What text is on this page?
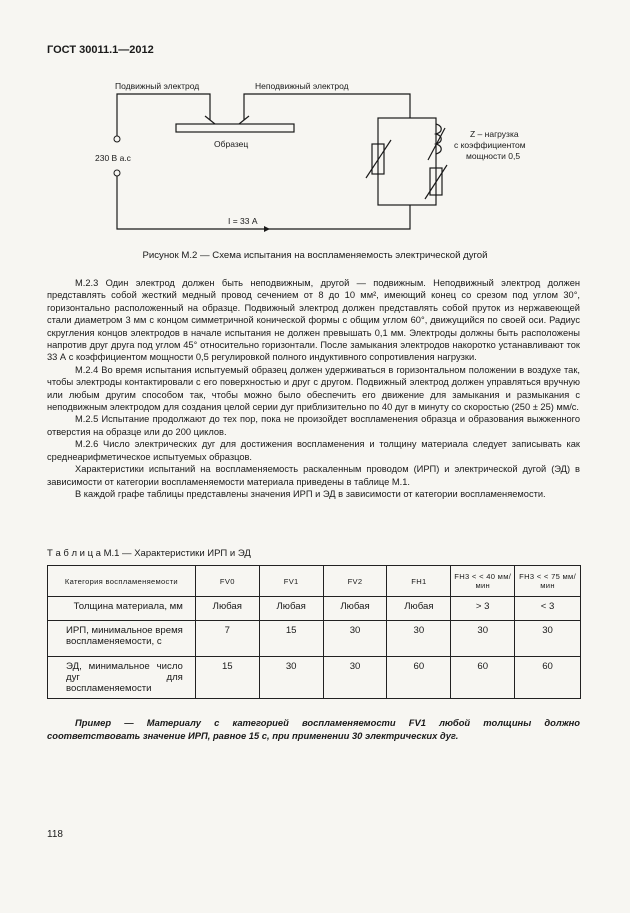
ГОСТ 30011.1—2012
Подвижный электрод	Неподвижный электрод
Образец
230 В а.с
I = 33 А
Z – нагрузка
с коэффициентом
мощности 0,5
Рисунок М.2 — Схема испытания на воспламеняемость электрической дугой

М.2.3 Один электрод должен быть неподвижным, другой — подвижным. Неподвижный электрод должен представлять собой жесткий медный провод сечением от 8 до 10 мм², имеющий конец со срезом под углом 30°, горизонтально расположенный на образце. Подвижный электрод должен представлять собой пруток из нержавеющей стали диаметром 3 мм с концом симметричной конической формы с общим углом 60°, движущийся по своей оси. Радиус скругления концов электродов в начале испытания не должен превышать 0,1 мм. Электроды должны быть расположены напротив друг друга под углом 45° относительно горизонтали. После замыкания электродов накоротко устанавливают ток 33 А с коэффициентом мощности 0,5 регулировкой полного индуктивного сопротивления нагрузки.

М.2.4 Во время испытания испытуемый образец должен удерживаться в горизонтальном положении в воздухе так, чтобы электроды контактировали с его поверхностью и друг с другом. Подвижный электрод должен управляться вручную или любым другим способом так, чтобы можно было обеспечить его движение для замыкания и размыкания с неподвижным электродом для создания целой серии дуг приблизительно по 40 дуг в минуту со скоростью (250 ± 25) мм/с.

М.2.5 Испытание продолжают до тех пор, пока не произойдет воспламенения образца и образования выжженного отверстия на образце или до 200 циклов.

М.2.6 Число электрических дуг для достижения воспламенения и толщину материала следует записывать как среднеарифметическое испытуемых образцов.

Характеристики испытаний на воспламеняемость раскаленным проводом (ИРП) и электрической дугой (ЭД) в зависимости от категории воспламеняемости материала приведены в таблице М.1.

В каждой графе таблицы представлены значения ИРП и ЭД в зависимости от категории воспламеняемости.

Т а б л и ц а М.1 — Характеристики ИРП и ЭД
Категория воспламеняемости	FV0	FV1	FV2	FH1	FH3 < < 40 мм/мин	FH3 < < 75 мм/мин
Толщина материала, мм	Любая	Любая	Любая	Любая	> 3	< 3
ИРП, минимальное время воспламеняемости, с	7	15	30	30	30	30
ЭД, минимальное число дуг для воспламеняемости	15	30	30	60	60	60
Пример — Материалу с категорией воспламеняемости FV1 любой толщины должно соответствовать значение ИРП, равное 15 с, при применении 30 электрических дуг.
118
